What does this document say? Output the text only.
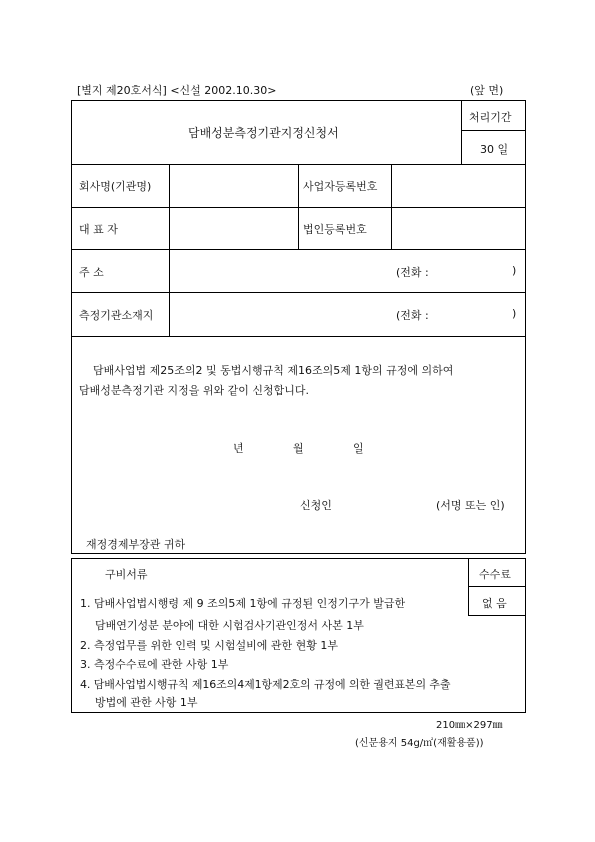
[별지 제20호서식] <신설 2002.10.30>	(앞 면)
담배성분측정기관지정신청서
처리기간
30 일
회사명(기관명)	사업자등록번호
대 표 자	법인등록번호
주 소	(전화 :	)
측정기관소재지	(전화 :	)
담배사업법 제25조의2 및 동법시행규칙 제16조의5제 1항의 규정에 의하여
담배성분측정기관 지정을 위와 같이 신청합니다.
년	월	일
신청인	(서명 또는 인)
재정경제부장관 귀하
구비서류	수수료
없 음
1. 담배사업법시행령 제 9 조의5제 1항에 규정된 인정기구가 발급한
담배연기성분 분야에 대한 시험검사기관인정서 사본 1부
2. 측정업무를 위한 인력 및 시험설비에 관한 현황 1부
3. 측정수수료에 관한 사항 1부
4. 담배사업법시행규칙 제16조의4제1항제2호의 규정에 의한 궐련표본의 추출
방법에 관한 사항 1부
210㎜×297㎜
(신문용지 54g/㎡(재활용품))
